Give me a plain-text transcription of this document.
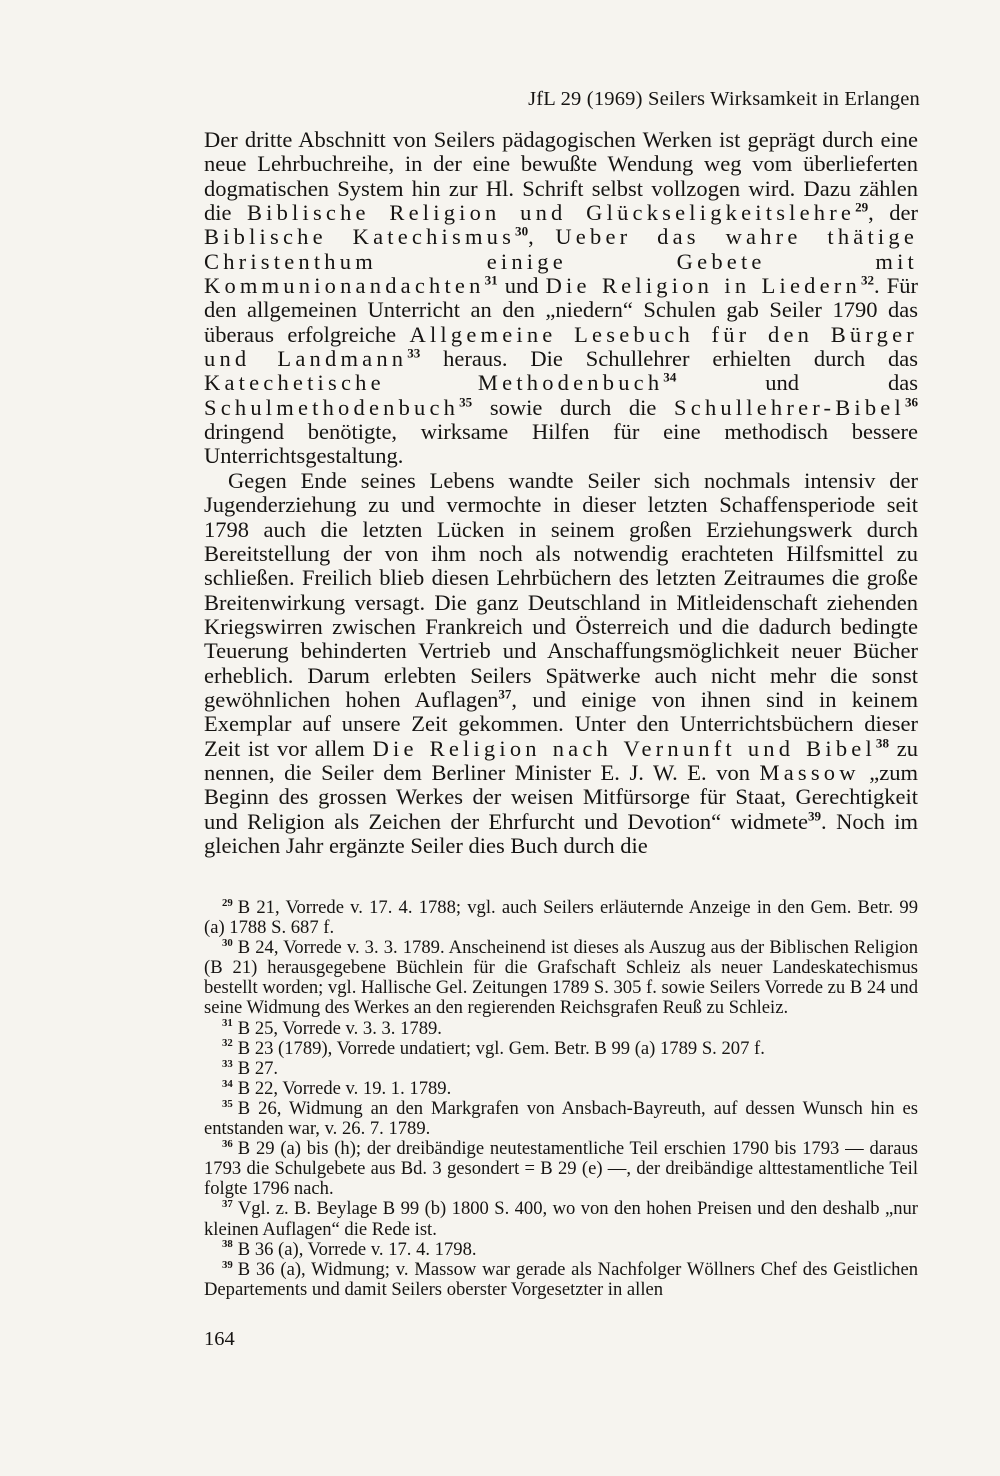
JfL 29 (1969) Seilers Wirksamkeit in Erlangen

Der dritte Abschnitt von Seilers pädagogischen Werken ist geprägt durch eine neue Lehrbuchreihe, in der eine bewußte Wendung weg vom überlieferten dogmatischen System hin zur Hl. Schrift selbst vollzogen wird. Dazu zählen die Biblische Religion und Glückseligkeitslehre$^{29}$, der Biblische Katechismus$^{30}$, Ueber das wahre thätige Christenthum einige Gebete mit Kommunionandachten$^{31}$ und Die Religion in Liedern$^{32}$. Für den allgemeinen Unterricht an den „niedern“ Schulen gab Seiler 1790 das überaus erfolgreiche Allgemeine Lesebuch für den Bürger und Landmann$^{33}$ heraus. Die Schullehrer erhielten durch das Katechetische Methodenbuch$^{34}$ und das Schulmethodenbuch$^{35}$ sowie durch die Schullehrer-Bibel$^{36}$ dringend benötigte, wirksame Hilfen für eine methodisch bessere Unterrichtsgestaltung.

Gegen Ende seines Lebens wandte Seiler sich nochmals intensiv der Jugenderziehung zu und vermochte in dieser letzten Schaffensperiode seit 1798 auch die letzten Lücken in seinem großen Erziehungswerk durch Bereitstellung der von ihm noch als notwendig erachteten Hilfsmittel zu schließen. Freilich blieb diesen Lehrbüchern des letzten Zeitraumes die große Breitenwirkung versagt. Die ganz Deutschland in Mitleidenschaft ziehenden Kriegswirren zwischen Frankreich und Österreich und die dadurch bedingte Teuerung behinderten Vertrieb und Anschaffungsmöglichkeit neuer Bücher erheblich. Darum erlebten Seilers Spätwerke auch nicht mehr die sonst gewöhnlichen hohen Auflagen$^{37}$, und einige von ihnen sind in keinem Exemplar auf unsere Zeit gekommen. Unter den Unterrichtsbüchern dieser Zeit ist vor allem Die Religion nach Vernunft und Bibel$^{38}$ zu nennen, die Seiler dem Berliner Minister E. J. W. E. von Massow „zum Beginn des grossen Werkes der weisen Mitfürsorge für Staat, Gerechtigkeit und Religion als Zeichen der Ehrfurcht und Devotion“ widmete$^{39}$. Noch im gleichen Jahr ergänzte Seiler dies Buch durch die

$^{29}$ B 21, Vorrede v. 17. 4. 1788; vgl. auch Seilers erläuternde Anzeige in den Gem. Betr. 99 (a) 1788 S. 687 f.

$^{30}$ B 24, Vorrede v. 3. 3. 1789. Anscheinend ist dieses als Auszug aus der Biblischen Religion (B 21) herausgegebene Büchlein für die Grafschaft Schleiz als neuer Landeskatechismus bestellt worden; vgl. Hallische Gel. Zeitungen 1789 S. 305 f. sowie Seilers Vorrede zu B 24 und seine Widmung des Werkes an den regierenden Reichsgrafen Reuß zu Schleiz.

$^{31}$ B 25, Vorrede v. 3. 3. 1789.

$^{32}$ B 23 (1789), Vorrede undatiert; vgl. Gem. Betr. B 99 (a) 1789 S. 207 f.

$^{33}$ B 27.

$^{34}$ B 22, Vorrede v. 19. 1. 1789.

$^{35}$ B 26, Widmung an den Markgrafen von Ansbach-Bayreuth, auf dessen Wunsch hin es entstanden war, v. 26. 7. 1789.

$^{36}$ B 29 (a) bis (h); der dreibändige neutestamentliche Teil erschien 1790 bis 1793 — daraus 1793 die Schulgebete aus Bd. 3 gesondert = B 29 (e) —, der dreibändige alttestamentliche Teil folgte 1796 nach.

$^{37}$ Vgl. z. B. Beylage B 99 (b) 1800 S. 400, wo von den hohen Preisen und den deshalb „nur kleinen Auflagen“ die Rede ist.

$^{38}$ B 36 (a), Vorrede v. 17. 4. 1798.

$^{39}$ B 36 (a), Widmung; v. Massow war gerade als Nachfolger Wöllners Chef des Geistlichen Departements und damit Seilers oberster Vorgesetzter in allen

164
